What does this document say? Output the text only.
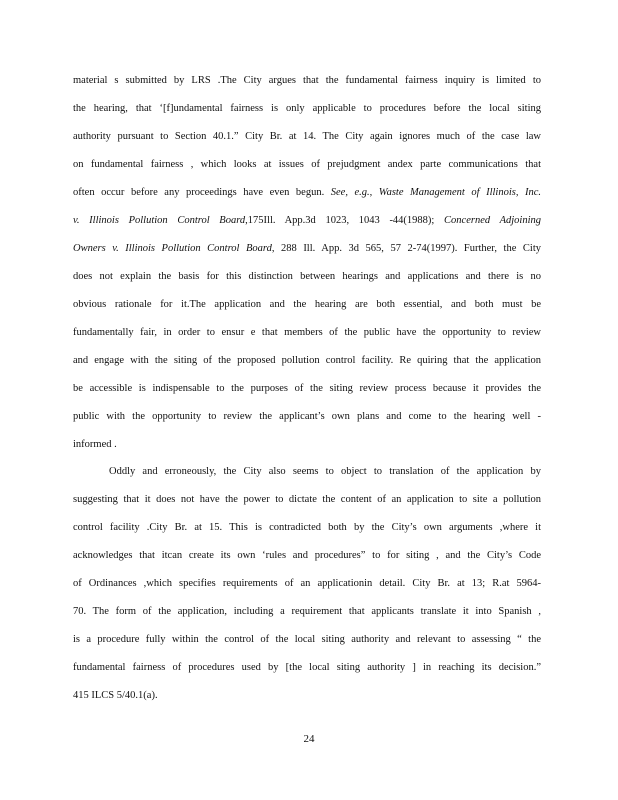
material s submitted by LRS .The City argues that the fundamental fairness inquiry is limited to
the hearing, that ‘[f]undamental fairness is only applicable to procedures before the local siting
authority pursuant to Section 40.1.” City Br. at 14. The City again ignores much of the case law
on fundamental fairness , which looks at issues of prejudgment andex parte communications that
often occur before any proceedings have even begun. See, e.g., Waste Management of Illinois, Inc.
v. Illinois Pollution Control Board,175Ill. App.3d 1023, 1043 -44(1988); Concerned Adjoining
Owners v. Illinois Pollution Control Board, 288 Ill. App. 3d 565, 57 2-74(1997). Further, the City
does not explain the basis for this distinction between hearings and applications and there is no
obvious rationale for it.The application and the hearing are both essential, and both must be
fundamentally fair, in order to ensur e that members of the public have the opportunity to review
and engage with the siting of the proposed pollution control facility. Re quiring that the application
be accessible is indispensable to the purposes of the siting review process because it provides the
public with the opportunity to review the applicant’s own plans and come to the hearing well -
informed .
Oddly and erroneously, the City also seems to object to translation of the application by
suggesting that it does not have the power to dictate the content of an application to site a pollution
control facility .City Br. at 15. This is contradicted both by the City’s own arguments ,where it
acknowledges that itcan create its own ‘rules and procedures” to for siting , and the City’s Code
of Ordinances ,which specifies requirements of an applicationin detail. City Br. at 13; R.at 5964-
70. The form of the application, including a requirement that applicants translate it into Spanish ,
is a procedure fully within the control of the local siting authority and relevant to assessing “ the
fundamental fairness of procedures used by [the local siting authority ] in reaching its decision.”
415 ILCS 5/40.1(a).
24
